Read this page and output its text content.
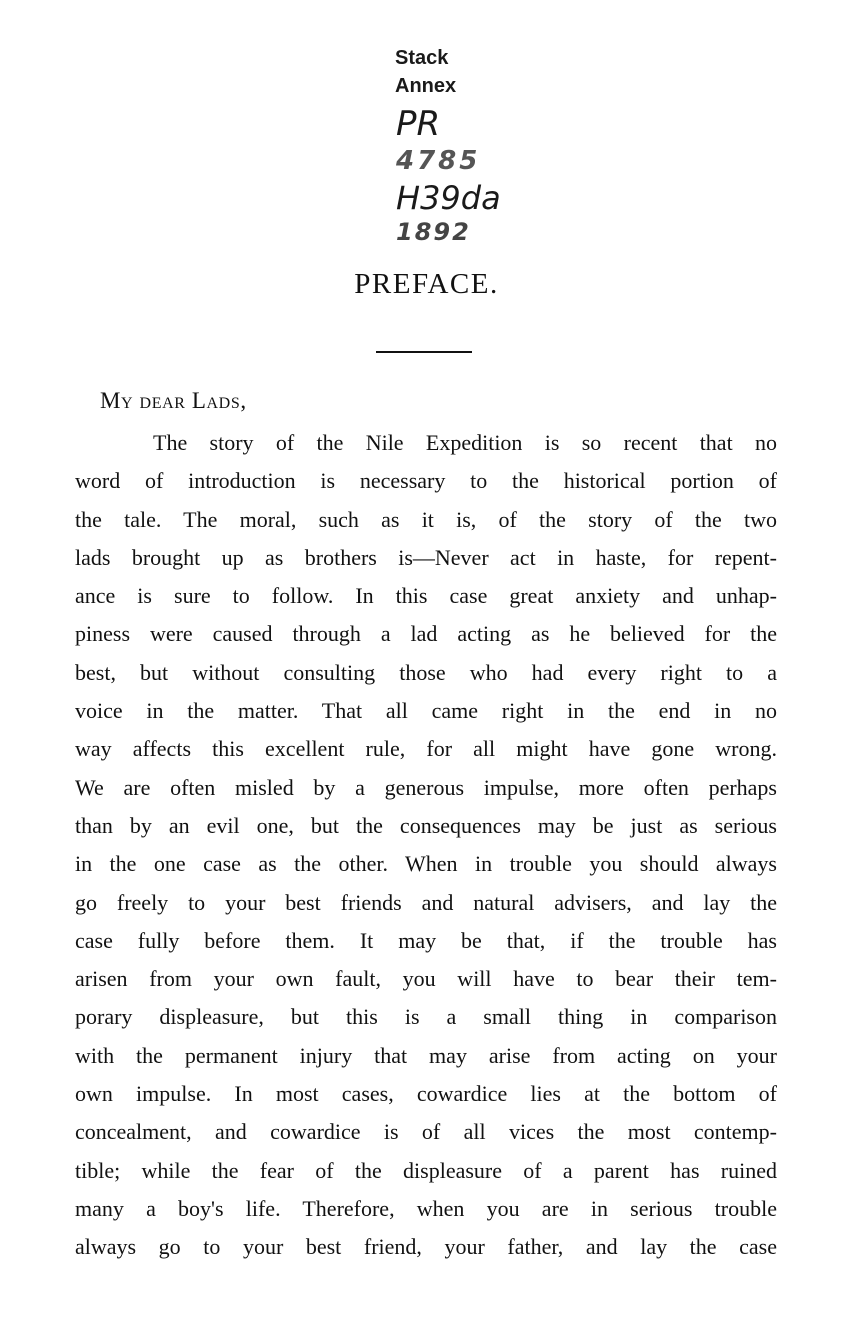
Stack
Annex
PR
4785
H39da
1892
PREFACE.
My dear Lads,
The story of the Nile Expedition is so recent that no
word of introduction is necessary to the historical portion of
the tale. The moral, such as it is, of the story of the two
lads brought up as brothers is—Never act in haste, for repent-
ance is sure to follow. In this case great anxiety and unhap-
piness were caused through a lad acting as he believed for the
best, but without consulting those who had every right to a
voice in the matter. That all came right in the end in no
way affects this excellent rule, for all might have gone wrong.
We are often misled by a generous impulse, more often perhaps
than by an evil one, but the consequences may be just as serious
in the one case as the other. When in trouble you should always
go freely to your best friends and natural advisers, and lay the
case fully before them. It may be that, if the trouble has
arisen from your own fault, you will have to bear their tem-
porary displeasure, but this is a small thing in comparison
with the permanent injury that may arise from acting on your
own impulse. In most cases, cowardice lies at the bottom of
concealment, and cowardice is of all vices the most contemp-
tible; while the fear of the displeasure of a parent has ruined
many a boy's life. Therefore, when you are in serious trouble
always go to your best friend, your father, and lay the case
